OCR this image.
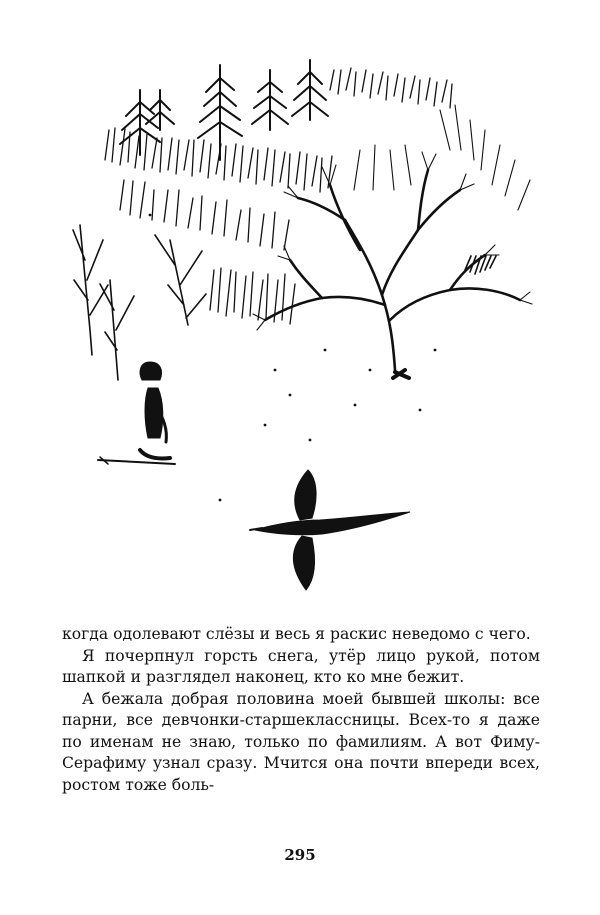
когда одолевают слёзы и весь я раскис неведомо с чего.

Я почерпнул горсть снега, утёр лицо рукой, потом шапкой и разглядел наконец, кто ко мне бежит.

А бежала добрая половина моей бывшей школы: все парни, все девчонки-старшеклассницы. Всех-то я даже по именам не знаю, только по фамилиям. А вот Фиму-Серафиму узнал сразу. Мчится она почти впереди всех, ростом тоже боль-

295
